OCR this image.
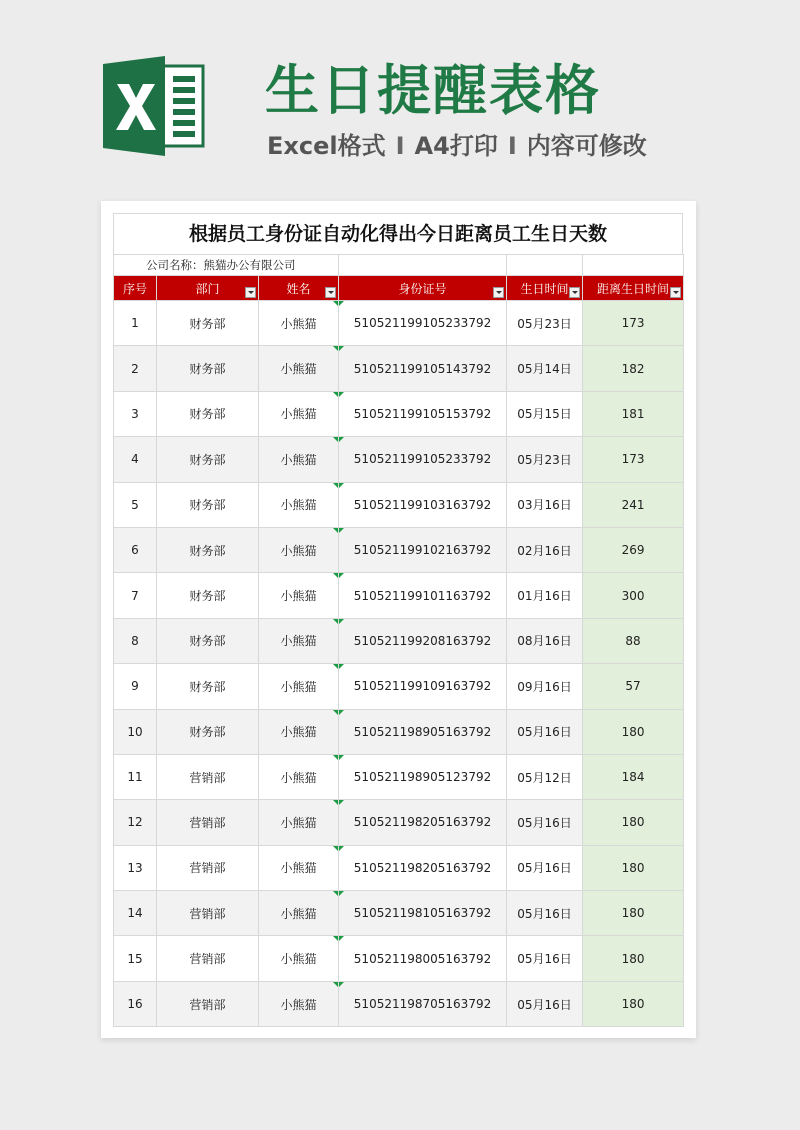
生日提醒表格
Excel格式 I A4打印 I 内容可修改
根据员工身份证自动化得出今日距离员工生日天数
公司名称：熊猫办公有限公司					
序号	部门	姓名	身份证号	生日时间	距离生日时间

1	财务部	小熊猫	510521199105233792	05月23日	173
2	财务部	小熊猫	510521199105143792	05月14日	182
3	财务部	小熊猫	510521199105153792	05月15日	181
4	财务部	小熊猫	510521199105233792	05月23日	173
5	财务部	小熊猫	510521199103163792	03月16日	241
6	财务部	小熊猫	510521199102163792	02月16日	269
7	财务部	小熊猫	510521199101163792	01月16日	300
8	财务部	小熊猫	510521199208163792	08月16日	88
9	财务部	小熊猫	510521199109163792	09月16日	57
10	财务部	小熊猫	510521198905163792	05月16日	180
11	营销部	小熊猫	510521198905123792	05月12日	184
12	营销部	小熊猫	510521198205163792	05月16日	180
13	营销部	小熊猫	510521198205163792	05月16日	180
14	营销部	小熊猫	510521198105163792	05月16日	180
15	营销部	小熊猫	510521198005163792	05月16日	180
16	营销部	小熊猫	510521198705163792	05月16日	180
